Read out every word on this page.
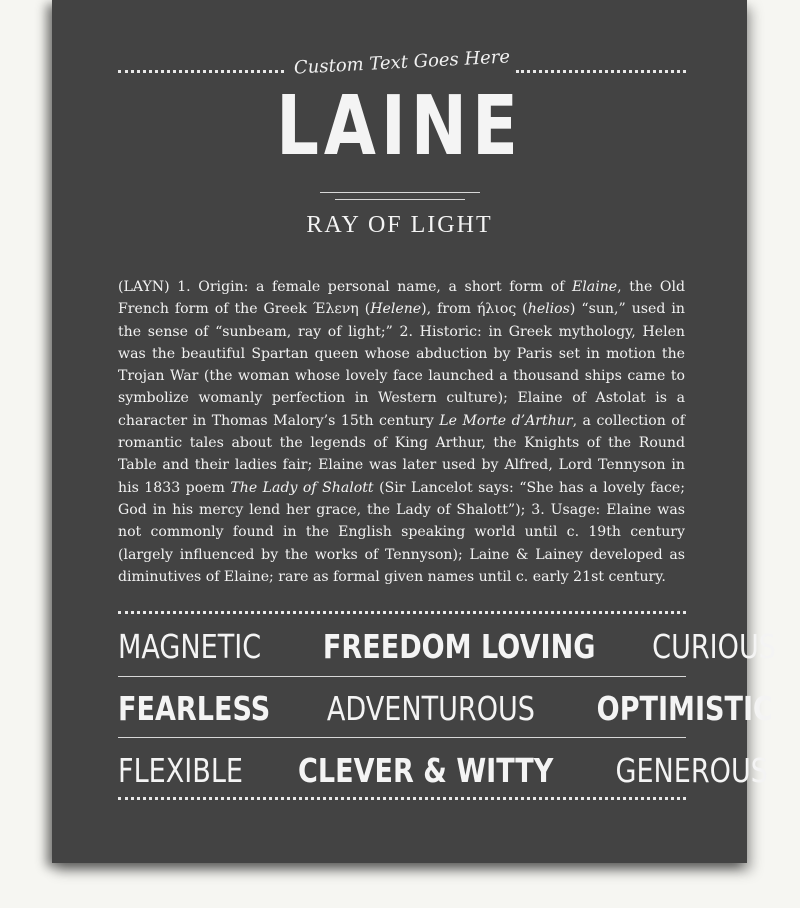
Custom Text Goes Here
LAINE
RAY OF LIGHT
(LAYN) 1. Origin: a female personal name, a short form of Elaine, the Old French form of the Greek Έλενη (Helene), from ήλιος (helios) “sun,” used in the sense of “sunbeam, ray of light;” 2. Historic: in Greek mythology, Helen was the beautiful Spartan queen whose abduction by Paris set in motion the Trojan War (the woman whose lovely face launched a thousand ships came to symbolize womanly perfection in Western culture); Elaine of Astolat is a character in Thomas Malory’s 15th century Le Morte d’Arthur, a collection of romantic tales about the legends of King Arthur, the Knights of the Round Table and their ladies fair; Elaine was later used by Alfred, Lord Tennyson in his 1833 poem The Lady of Shalott (Sir Lancelot says: “She has a lovely face; God in his mercy lend her grace, the Lady of Shalott”); 3. Usage: Elaine was not commonly found in the English speaking world until c. 19th century (largely influenced by the works of Tennyson); Laine & Lainey developed as diminutives of Elaine; rare as formal given names until c. early 21st century.
MAGNETIC FREEDOM LOVING CURIOUS
FEARLESS ADVENTUROUS OPTIMISTIC
FLEXIBLE CLEVER & WITTY GENEROUS
